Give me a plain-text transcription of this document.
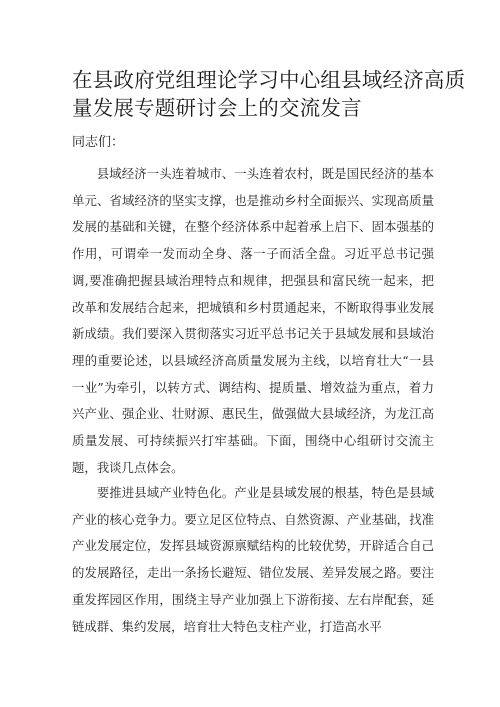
在县政府党组理论学习中心组县域经济高质量发展专题研讨会上的交流发言

同志们：

县域经济一头连着城市、一头连着农村，既是国民经济的基本单元、省域经济的坚实支撑，也是推动乡村全面振兴、实现高质量发展的基础和关键，在整个经济体系中起着承上启下、固本强基的作用，可谓牵一发而动全身、落一子而活全盘。习近平总书记强调,要准确把握县域治理特点和规律，把强县和富民统一起来，把改革和发展结合起来，把城镇和乡村贯通起来，不断取得事业发展新成绩。我们要深入贯彻落实习近平总书记关于县域发展和县域治理的重要论述，以县域经济高质量发展为主线，以培育壮大“一县一业”为牵引，以转方式、调结构、提质量、增效益为重点，着力兴产业、强企业、壮财源、惠民生，做强做大县域经济，为龙江高质量发展、可持续振兴打牢基础。下面，围绕中心组研讨交流主题，我谈几点体会。

要推进县域产业特色化。产业是县域发展的根基，特色是县域产业的核心竞争力。要立足区位特点、自然资源、产业基础，找准产业发展定位，发挥县域资源禀赋结构的比较优势，开辟适合自己的发展路径，走出一条扬长避短、错位发展、差异发展之路。要注重发挥园区作用，围绕主导产业加强上下游衔接、左右岸配套，延链成群、集约发展，培育壮大特色支柱产业，打造高水平
